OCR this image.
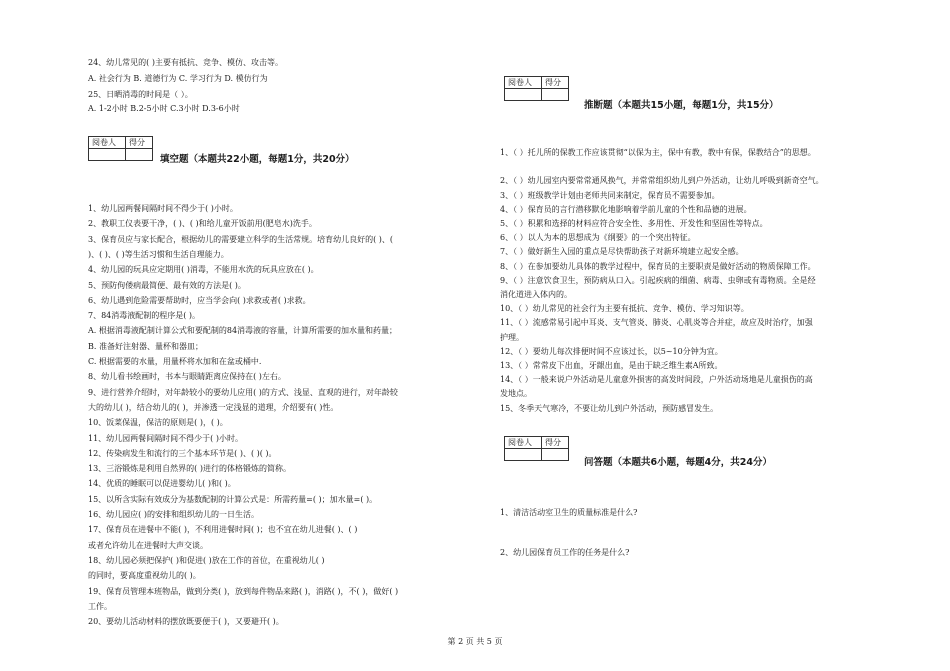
24、幼儿常见的( )主要有抵抗、竞争、模仿、攻击等。
A. 社会行为 B. 道德行为 C. 学习行为 D. 模仿行为
25、日晒消毒的时间是（ ）。
A. 1-2小时 B.2-5小时 C.3小时 D.3-6小时
阅卷人	得分

填空题（本题共22小题，每题1分，共20分）
1、幼儿园两餐间隔时间不得少于( )小时。
2、教职工仪表要干净，( )、( )和给儿童开饭前用(肥皂水)洗手。
3、保育员应与家长配合，根据幼儿的需要建立科学的生活常规。培育幼儿良好的( )、(
)、( )、( )等生活习惯和生活自理能力。
4、幼儿园的玩具应定期用( )消毒，不能用水洗的玩具应放在( )。
5、预防佝偻病最简便、最有效的方法是( )。
6、幼儿遇到危险需要帮助时，应当学会向( )求救或者( )求救。
7、84消毒液配制的程序是( )。
A. 根据消毒液配制计算公式和要配制的84消毒液的容量，计算所需要的加水量和药量；
B. 准备好注射器、量杯和器皿；
C. 根据需要的水量，用量杯将水加和在盆或桶中.
8、幼儿看书绘画时，书本与眼睛距离应保持在( )左右。
9、进行营养介绍时，对年龄较小的要幼儿应用( )的方式、浅显、直观的进行，对年龄较
大的幼儿( )，结合幼儿的( )，并渗透一定浅显的道理，介绍要有( )性。
10、饭菜保温，保洁的原则是( )，( )。
11、幼儿园两餐间隔时间不得少于( )小时。
12、传染病发生和流行的三个基本环节是( )、( )( )。
13、三浴锻炼是利用自然界的( )进行的体格锻炼的简称。
14、优质的睡眠可以促进婴幼儿( )和( )。
15、以所含实际有效成分为基数配制的计算公式是：所需药量=( )；加水量=( )。
16、幼儿园应( )的安排和组织幼儿的一日生活。
17、保育员在进餐中不能( )，不利用进餐时间( )；也不宜在幼儿进餐( )、( )
或者允许幼儿在进餐时大声交谈。
18、幼儿园必须把保护( )和促进( )放在工作的首位，在重视幼儿( )
的同时，要高度重视幼儿的( )。
19、保育员管理本班物品，做到分类( )，放到每件物品来路( )，消路( )，不( )，做好( )
工作。
20、要幼儿活动材料的摆放既要便于( )，又要避开( )。
阅卷人	得分

推断题（本题共15小题，每题1分，共15分）
1、（ ）托儿所的保教工作应该贯彻“以保为主，保中有教，教中有保，保教结合”的思想。
2、（ ）幼儿园室内要常常通风换气，并常常组织幼儿到户外活动，让幼儿呼吸到新奇空气。
3、（ ）班级教学计划由老师共同来制定，保育员不需要参加。
4、（ ）保育员的言行潜移默化地影响着学前儿童的个性和品德的进展。
5、（ ）积累和选择的材料应符合安全性、多用性、开发性和坚固性等特点。
6、（ ）以人为本的思想成为《纲要》的一个突出特征。
7、（ ）做好新生入园的重点是尽快帮助孩子对新环境建立起安全感。
8、（ ）在参加要幼儿具体的教学过程中，保育员的主要职责是做好活动的物质保障工作。
9、（ ）注意饮食卫生，预防病从口入。引起疾病的细菌、病毒、虫卵或有毒物质。全是经
消化道进入体内的。
10、（ ）幼儿常见的社会行为主要有抵抗、竞争、模仿、学习知识等。
11、（ ）流感常易引起中耳炎、支气管炎、肺炎、心肌炎等合并症，故应及时治疗，加强
护理。
12、（ ）要幼儿每次排便时间不应该过长，以5~10分钟为宜。
13、（ ）常常皮下出血，牙龈出血，是由于缺乏维生素A所致。
14、（ ）一般来说户外活动是儿童意外损害的高发时间段，户外活动场地是儿童损伤的高
发地点。
15、冬季天气寒冷，不要让幼儿到户外活动，预防感冒发生。
阅卷人	得分

问答题（本题共6小题，每题4分，共24分）
1、清洁活动室卫生的质量标准是什么?
2、幼儿园保育员工作的任务是什么?
第 2 页 共 5 页
